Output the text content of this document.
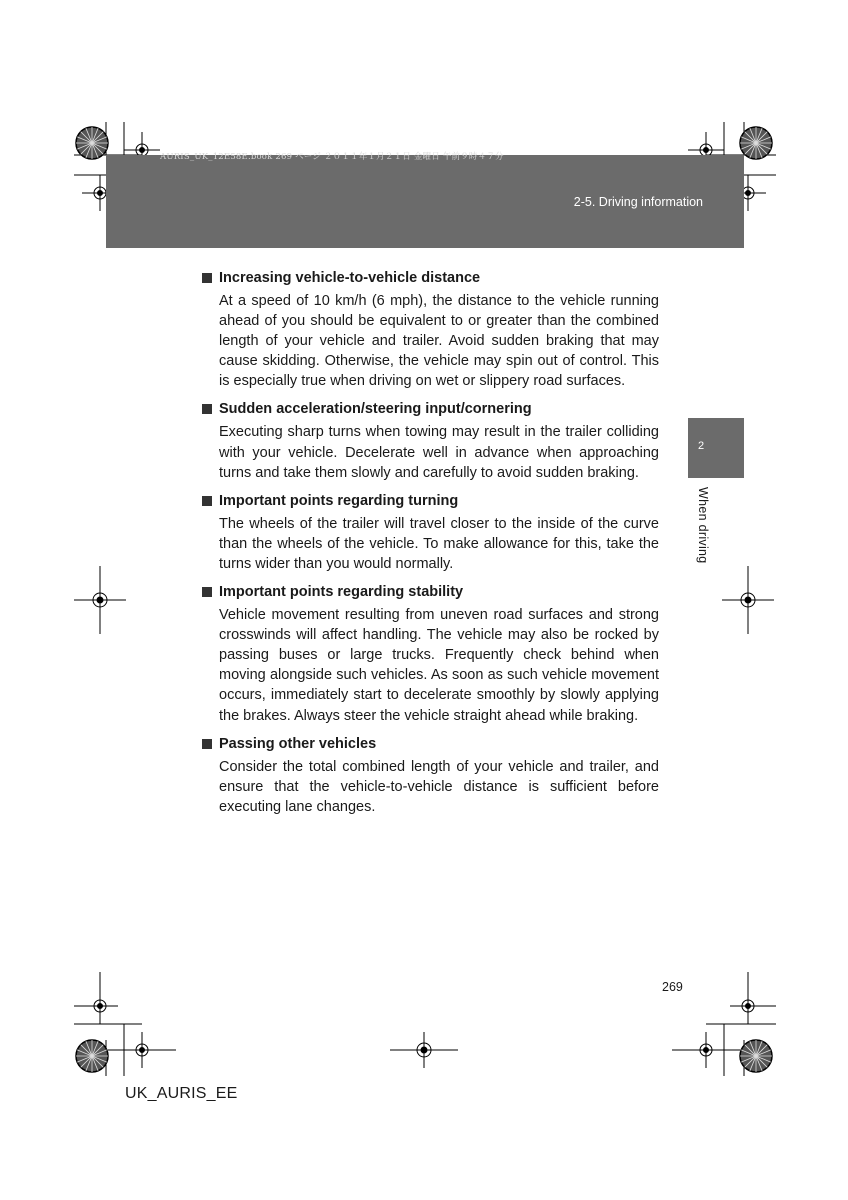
AURIS_UK_12E58E.book 269 ページ ２０１１年１月２１日 金曜日 午前９時４７分
2-5. Driving information
2
When driving
Increasing vehicle-to-vehicle distance
At a speed of 10 km/h (6 mph), the distance to the vehicle running ahead of you should be equivalent to or greater than the combined length of your vehicle and trailer. Avoid sudden braking that may cause skidding. Otherwise, the vehicle may spin out of control. This is especially true when driving on wet or slippery road surfaces.
Sudden acceleration/steering input/cornering
Executing sharp turns when towing may result in the trailer colliding with your vehicle. Decelerate well in advance when approaching turns and take them slowly and carefully to avoid sudden braking.
Important points regarding turning
The wheels of the trailer will travel closer to the inside of the curve than the wheels of the vehicle. To make allowance for this, take the turns wider than you would normally.
Important points regarding stability
Vehicle movement resulting from uneven road surfaces and strong crosswinds will affect handling. The vehicle may also be rocked by passing buses or large trucks. Frequently check behind when moving alongside such vehicles. As soon as such vehicle movement occurs, immediately start to decelerate smoothly by slowly applying the brakes. Always steer the vehicle straight ahead while braking.
Passing other vehicles
Consider the total combined length of your vehicle and trailer, and ensure that the vehicle-to-vehicle distance is sufficient before executing lane changes.
269
UK_AURIS_EE
